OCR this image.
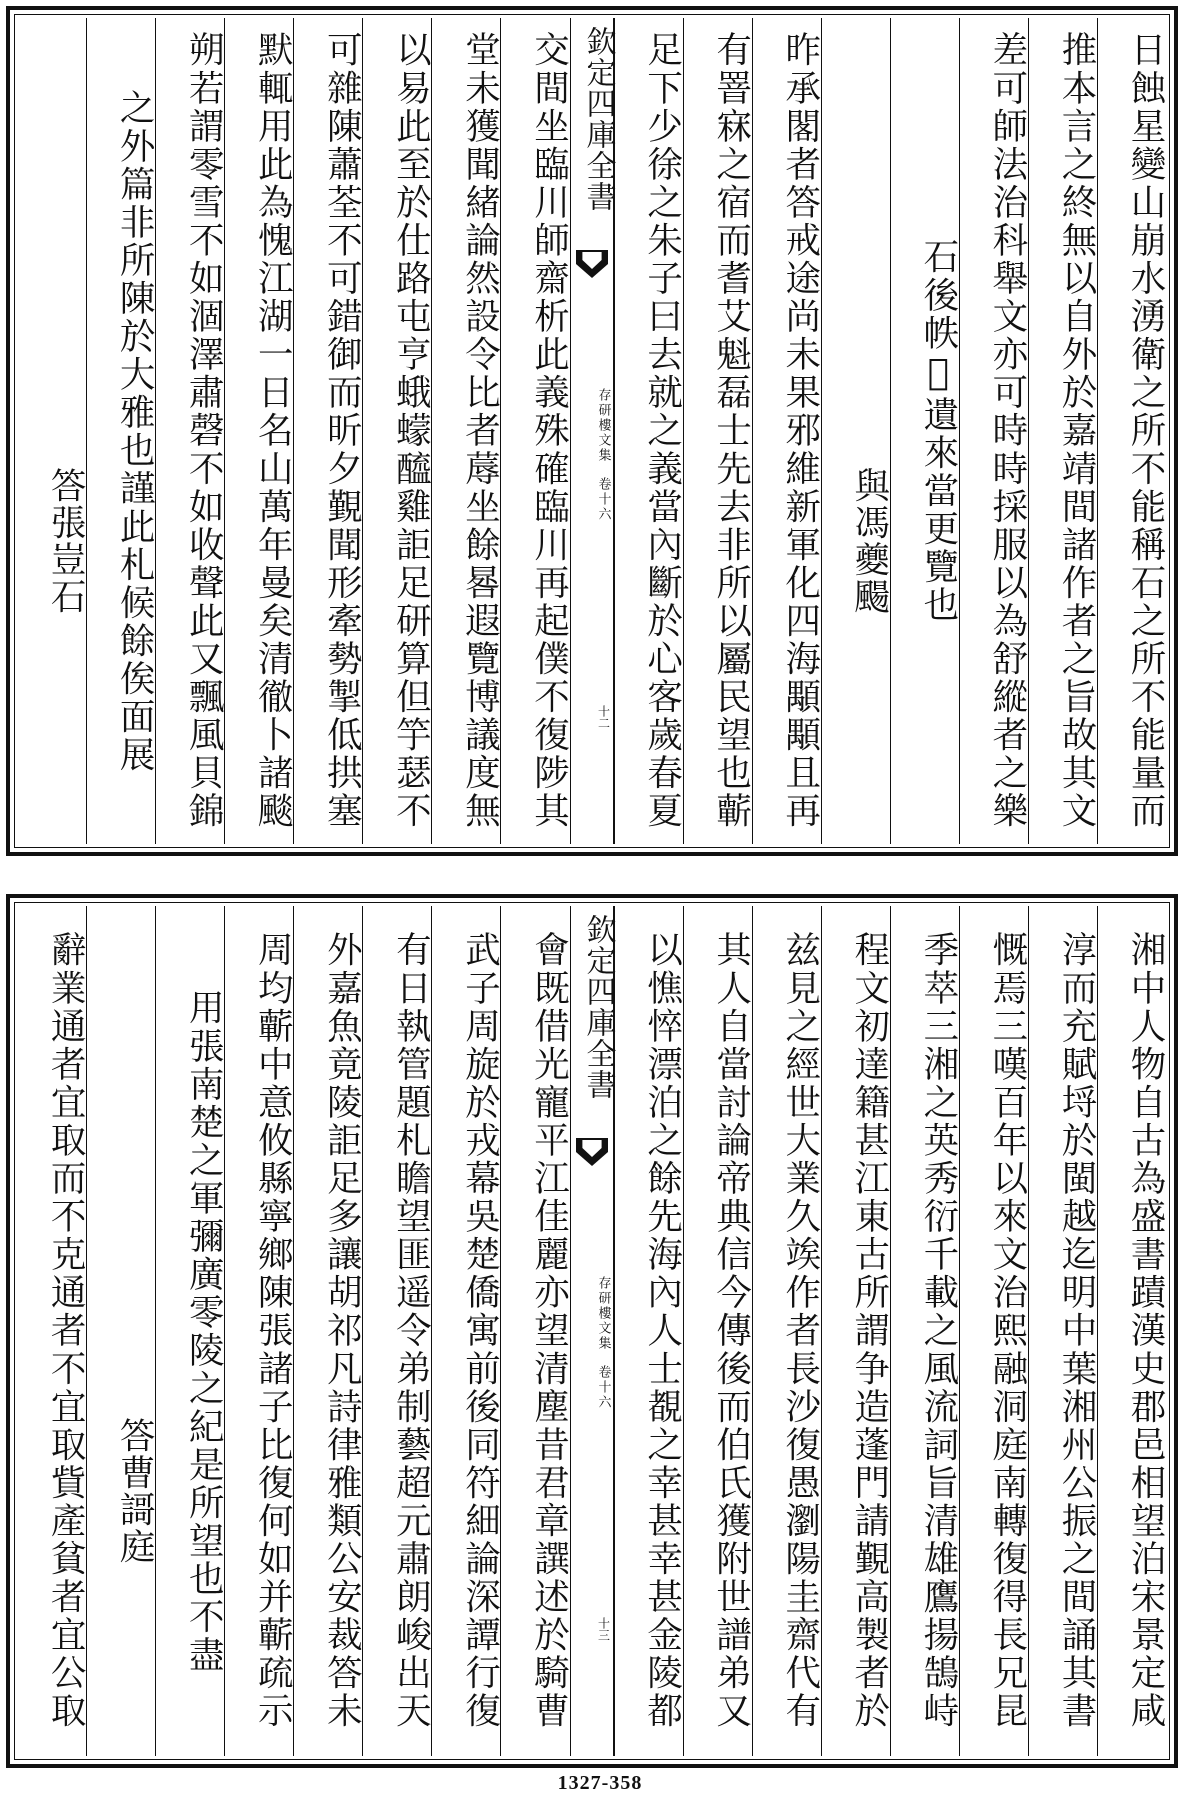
日蝕星變山崩水湧衛之所不能稱石之所不能量而
推本言之終無以自外於嘉靖間諸作者之旨故其文
差可師法治科舉文亦可時時採服以為舒縱者之樂
石後帙𢧐遺來當更覽也
與馮夔颺
昨承閣者答戒途尚未果邪維新軍化四海顒顒且再
有罯㝝之宿而耆艾魁磊士先去非所以屬民望也蘄
足下少徐之朱子曰去就之義當內斷於心客歲春夏
欽定四庫全書
存研樓文集
卷十六
十二
交間坐臨川師齋析此義殊確臨川再起僕不復陟其
堂未獲聞緒論然設令比者蓐坐餘晷遐覽博議度無
以易此至於仕路屯亨蛾蠓醯雞詎足研算但竽瑟不
可雜陳蕭荃不可錯御而昕夕覲聞形牽勢掣低拱塞
默輒用此為愧江湖一日名山萬年曼矣清徹卜諸颷
朔若謂零雪不如涸澤肅磬不如收聲此又飄風貝錦
之外篇非所陳於大雅也謹此札候餘俟面展
答張豈石
湘中人物自古為盛書蹟漢史郡邑相望泊宋景定咸
淳而充賦埒於閩越迄明中葉湘州公振之間誦其書
慨焉三嘆百年以來文治熙融洞庭南轉復得長兄昆
季萃三湘之英秀衍千載之風流詞旨清雄鷹揚鵠峙
程文初達籍甚江東古所謂争造蓬門請覲高製者於
兹見之經世大業久竢作者長沙復愚瀏陽圭齋代有
其人自當討論帝典信今傳後而伯氏獲附世譜弟又
以憔悴漂泊之餘先海內人士覩之幸甚幸甚金陵都
欽定四庫全書
存研樓文集
卷十六
十三
會既借光寵平江佳麗亦望清塵昔君章譔述於騎曹
武子周旋於戎幕吳楚僑寓前後同符細論深譚行復
有日執管題札瞻望匪遥令弟制藝超元肅朗峻出天
外嘉魚竟陵詎足多讓胡祁凡詩律雅類公安裁答未
周均蘄中意攸縣寧鄉陳張諸子比復何如并蘄疏示
用張南楚之軍彌廣零陵之紀是所望也不盡
答曹謌庭
辭業通者宜取而不克通者不宜取貲產貧者宜公取
1327-358
